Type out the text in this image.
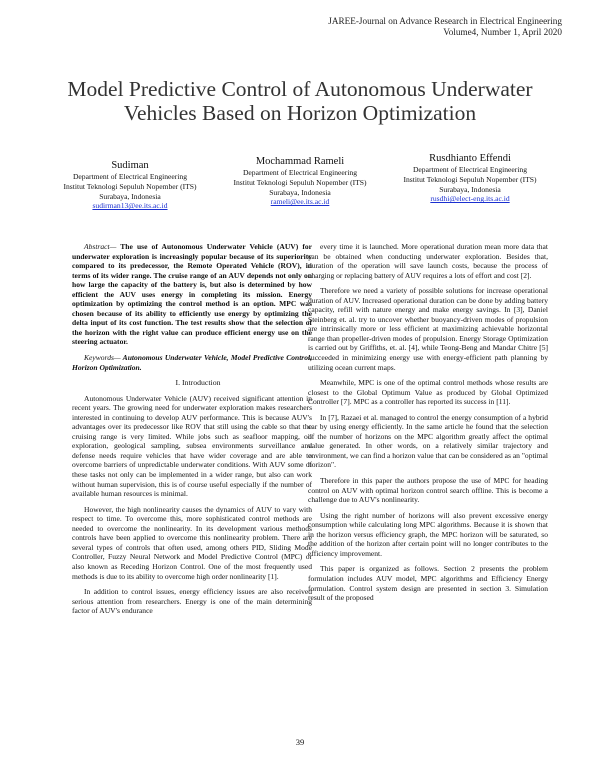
JAREE-Journal on Advance Research in Electrical Engineering
Volume4, Number 1, April 2020
Model Predictive Control of Autonomous Underwater Vehicles Based on Horizon Optimization
Sudiman
Department of Electrical Engineering
Institut Teknologi Sepuluh Nopember (ITS)
Surabaya, Indonesia
sudirman13@ee.its.ac.id
Mochammad Rameli
Department of Electrical Engineering
Institut Teknologi Sepuluh Nopember (ITS)
Surabaya, Indonesia
rameli@ee.its.ac.id
Rusdhianto Effendi
Department of Electrical Engineering
Institut Teknologi Sepuluh Nopember (ITS)
Surabaya, Indonesia
rusdhi@elect-eng.its.ac.id

Abstract— The use of Autonomous Underwater Vehicle (AUV) for underwater exploration is increasingly popular because of its superiority compared to its predecessor, the Remote Operated Vehicle (ROV), in terms of its wider range. The cruise range of an AUV depends not only on how large the capacity of the battery is, but also is determined by how efficient the AUV uses energy in completing its mission. Energy optimization by optimizing the control method is an option. MPC was chosen because of its ability to efficiently use energy by optimizing the delta input of its cost function. The test results show that the selection of the horizon with the right value can produce efficient energy use on the steering actuator.

Keywords— Autonomous Underwater Vehicle, Model Predictive Control, Horizon Optimization.

I. Introduction

Autonomous Underwater Vehicle (AUV) received significant attention in recent years. The growing need for underwater exploration makes researchers interested in continuing to develop AUV performance. This is because AUV's advantages over its predecessor like ROV that still using the cable so that the cruising range is very limited. While jobs such as seafloor mapping, oil exploration, geological sampling, subsea environments surveillance and defense needs require vehicles that have wider coverage and are able to overcome barriers of unpredictable underwater conditions. With AUV some of these tasks not only can be implemented in a wider range, but also can work without human supervision, this is of course useful especially if the number of available human resources is minimal.

However, the high nonlinearity causes the dynamics of AUV to vary with respect to time. To overcome this, more sophisticated control methods are needed to overcome the nonlinearity. In its development various methods controls have been applied to overcome this nonlinearity problem. There are several types of controls that often used, among others PID, Sliding Mode Controller, Fuzzy Neural Network and Model Predictive Control (MPC) or also known as Receding Horizon Control. One of the most frequently used methods is due to its ability to overcome high order nonlinearity [1].

In addition to control issues, energy efficiency issues are also received serious attention from researchers. Energy is one of the main determining factor of AUV's endurance

every time it is launched. More operational duration mean more data that can be obtained when conducting underwater exploration. Besides that, duration of the operation will save launch costs, because the process of charging or replacing battery of AUV requires a lots of effort and cost [2].

Therefore we need a variety of possible solutions for increase operational duration of AUV. Increased operational duration can be done by adding battery capacity, refill with nature energy and make energy savings. In [3], Daniel Steinberg et. al. try to uncover whether buoyancy-driven modes of propulsion are intrinsically more or less efficient at maximizing achievable horizontal range than propeller-driven modes of propulsion. Energy Storage Optimization is carried out by Griffiths, et. al. [4], while Teong-Beng and Mandar Chitre [5] succeeded in minimizing energy use with energy-efficient path planning by utilizing ocean current maps.

Meanwhile, MPC is one of the optimal control methods whose results are closest to the Global Optimum Value as produced by Global Optimized Controller [7]. MPC as a controller has reported its success in [11].

In [7], Razaei et al. managed to control the energy consumption of a hybrid car by using energy efficiently. In the same article he found that the selection of the number of horizons on the MPC algorithm greatly affect the optimal value generated. In other words, on a relatively similar trajectory and environment, we can find a horizon value that can be considered as an "optimal horizon".

Therefore in this paper the authors propose the use of MPC for heading control on AUV with optimal horizon control search offline. This is become a challenge due to AUV's nonlinearity.

Using the right number of horizons will also prevent excessive energy consumption while calculating long MPC algorithms. Because it is shown that in the horizon versus efficiency graph, the MPC horizon will be saturated, so the addition of the horizon after certain point will no longer contributes to the efficiency improvement.

This paper is organized as follows. Section 2 presents the problem formulation includes AUV model, MPC algorithms and Efficiency Energy formulation. Control system design are presented in section 3. Simulation result of the proposed

39
